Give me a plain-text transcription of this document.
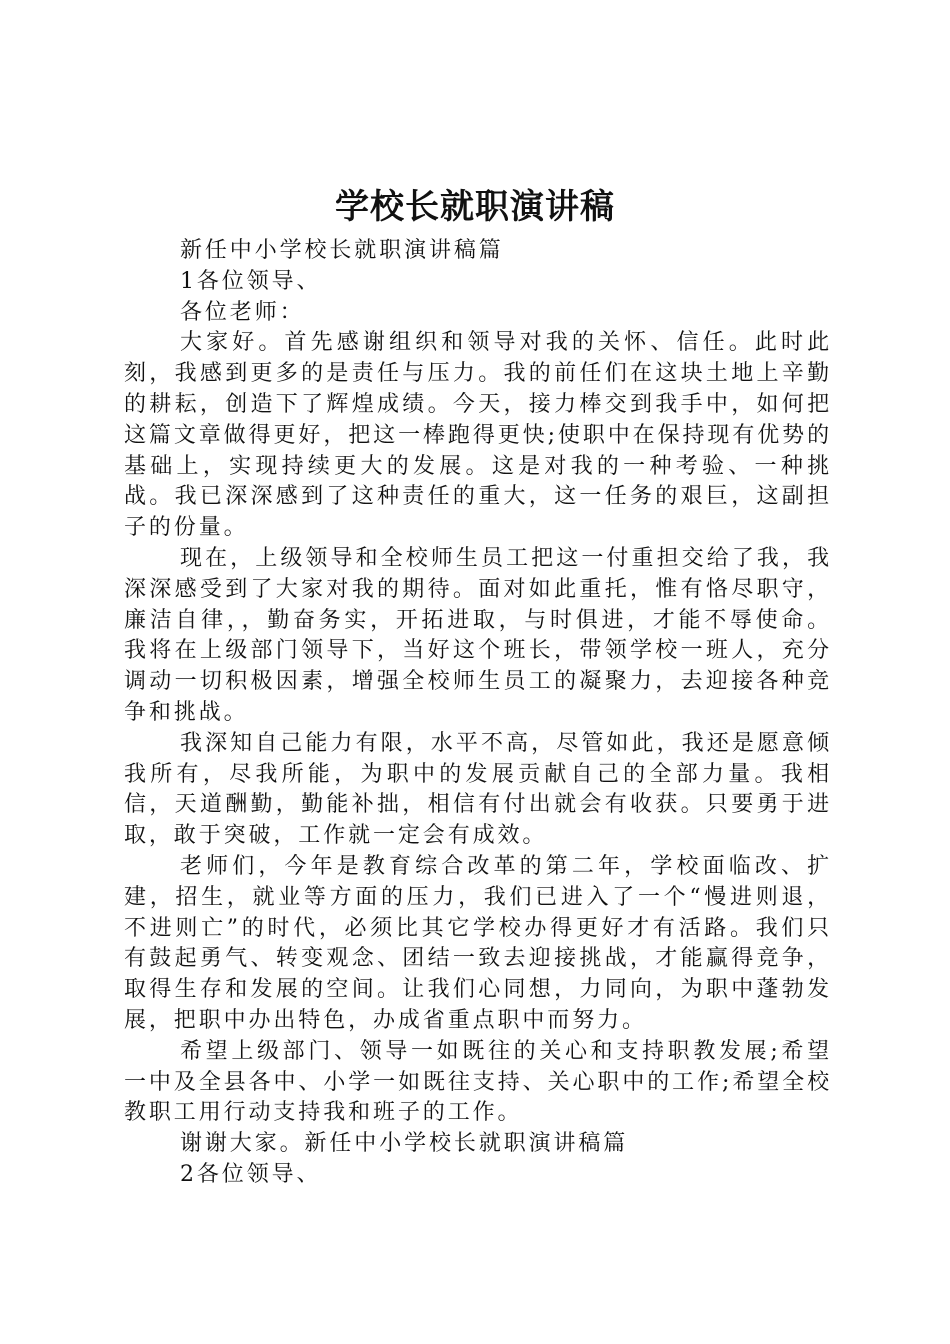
学校长就职演讲稿

新任中小学校长就职演讲稿篇

1各位领导、

各位老师：

大家好。首先感谢组织和领导对我的关怀、信任。此时此刻，我感到更多的是责任与压力。我的前任们在这块土地上辛勤的耕耘，创造下了辉煌成绩。今天，接力棒交到我手中，如何把这篇文章做得更好，把这一棒跑得更快;使职中在保持现有优势的基础上，实现持续更大的发展。这是对我的一种考验、一种挑战。我已深深感到了这种责任的重大，这一任务的艰巨，这副担子的份量。

现在，上级领导和全校师生员工把这一付重担交给了我，我深深感受到了大家对我的期待。面对如此重托，惟有恪尽职守，廉洁自律，，勤奋务实，开拓进取，与时俱进，才能不辱使命。我将在上级部门领导下，当好这个班长，带领学校一班人，充分调动一切积极因素，增强全校师生员工的凝聚力，去迎接各种竞争和挑战。

我深知自己能力有限，水平不高，尽管如此，我还是愿意倾我所有，尽我所能，为职中的发展贡献自己的全部力量。我相信，天道酬勤，勤能补拙，相信有付出就会有收获。只要勇于进取，敢于突破，工作就一定会有成效。

老师们，今年是教育综合改革的第二年，学校面临改、扩建，招生，就业等方面的压力，我们已进入了一个“慢进则退，不进则亡”的时代，必须比其它学校办得更好才有活路。我们只有鼓起勇气、转变观念、团结一致去迎接挑战，才能赢得竞争，取得生存和发展的空间。让我们心同想，力同向，为职中蓬勃发展，把职中办出特色，办成省重点职中而努力。

希望上级部门、领导一如既往的关心和支持职教发展;希望一中及全县各中、小学一如既往支持、关心职中的工作;希望全校教职工用行动支持我和班子的工作。

谢谢大家。新任中小学校长就职演讲稿篇

2各位领导、
